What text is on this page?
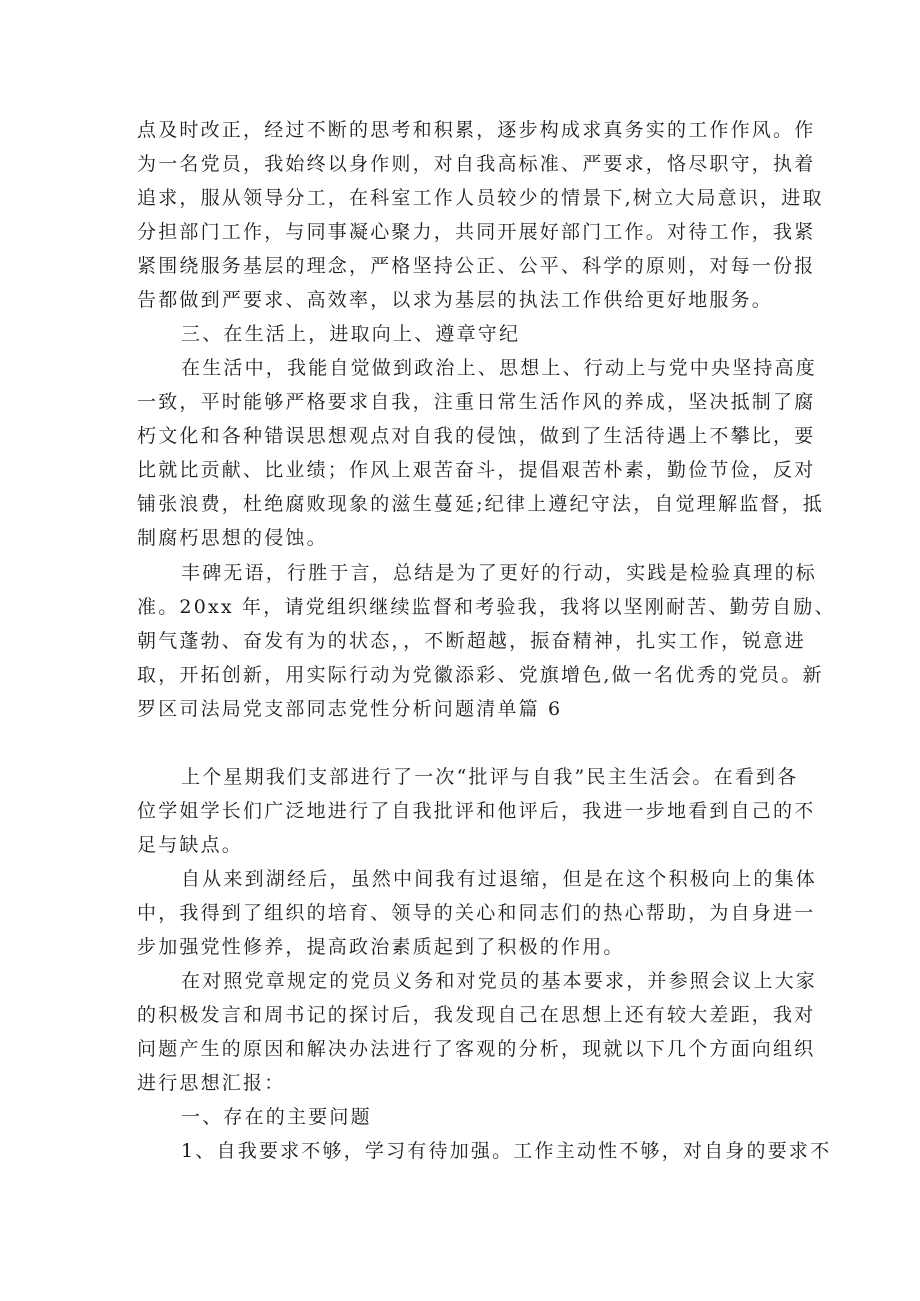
点及时改正，经过不断的思考和积累，逐步构成求真务实的工作作风。作
为一名党员，我始终以身作则，对自我高标准、严要求，恪尽职守，执着
追求，服从领导分工，在科室工作人员较少的情景下,树立大局意识，进取
分担部门工作，与同事凝心聚力，共同开展好部门工作。对待工作，我紧
紧围绕服务基层的理念，严格坚持公正、公平、科学的原则，对每一份报
告都做到严要求、高效率，以求为基层的执法工作供给更好地服务。
三、在生活上，进取向上、遵章守纪
在生活中，我能自觉做到政治上、思想上、行动上与党中央坚持高度
一致，平时能够严格要求自我，注重日常生活作风的养成，坚决抵制了腐
朽文化和各种错误思想观点对自我的侵蚀，做到了生活待遇上不攀比，要
比就比贡献、比业绩；作风上艰苦奋斗，提倡艰苦朴素，勤俭节俭，反对
铺张浪费，杜绝腐败现象的滋生蔓延;纪律上遵纪守法，自觉理解监督，抵
制腐朽思想的侵蚀。
丰碑无语，行胜于言，总结是为了更好的行动，实践是检验真理的标
准。20xx 年，请党组织继续监督和考验我，我将以坚刚耐苦、勤劳自励、
朝气蓬勃、奋发有为的状态，，不断超越，振奋精神，扎实工作，锐意进
取，开拓创新，用实际行动为党徽添彩、党旗增色,做一名优秀的党员。新
罗区司法局党支部同志党性分析问题清单篇 6
上个星期我们支部进行了一次“批评与自我”民主生活会。在看到各
位学姐学长们广泛地进行了自我批评和他评后，我进一步地看到自己的不
足与缺点。
自从来到湖经后，虽然中间我有过退缩，但是在这个积极向上的集体
中，我得到了组织的培育、领导的关心和同志们的热心帮助，为自身进一
步加强党性修养，提高政治素质起到了积极的作用。
在对照党章规定的党员义务和对党员的基本要求，并参照会议上大家
的积极发言和周书记的探讨后，我发现自己在思想上还有较大差距，我对
问题产生的原因和解决办法进行了客观的分析，现就以下几个方面向组织
进行思想汇报：
一、存在的主要问题
1、自我要求不够，学习有待加强。工作主动性不够，对自身的要求不
